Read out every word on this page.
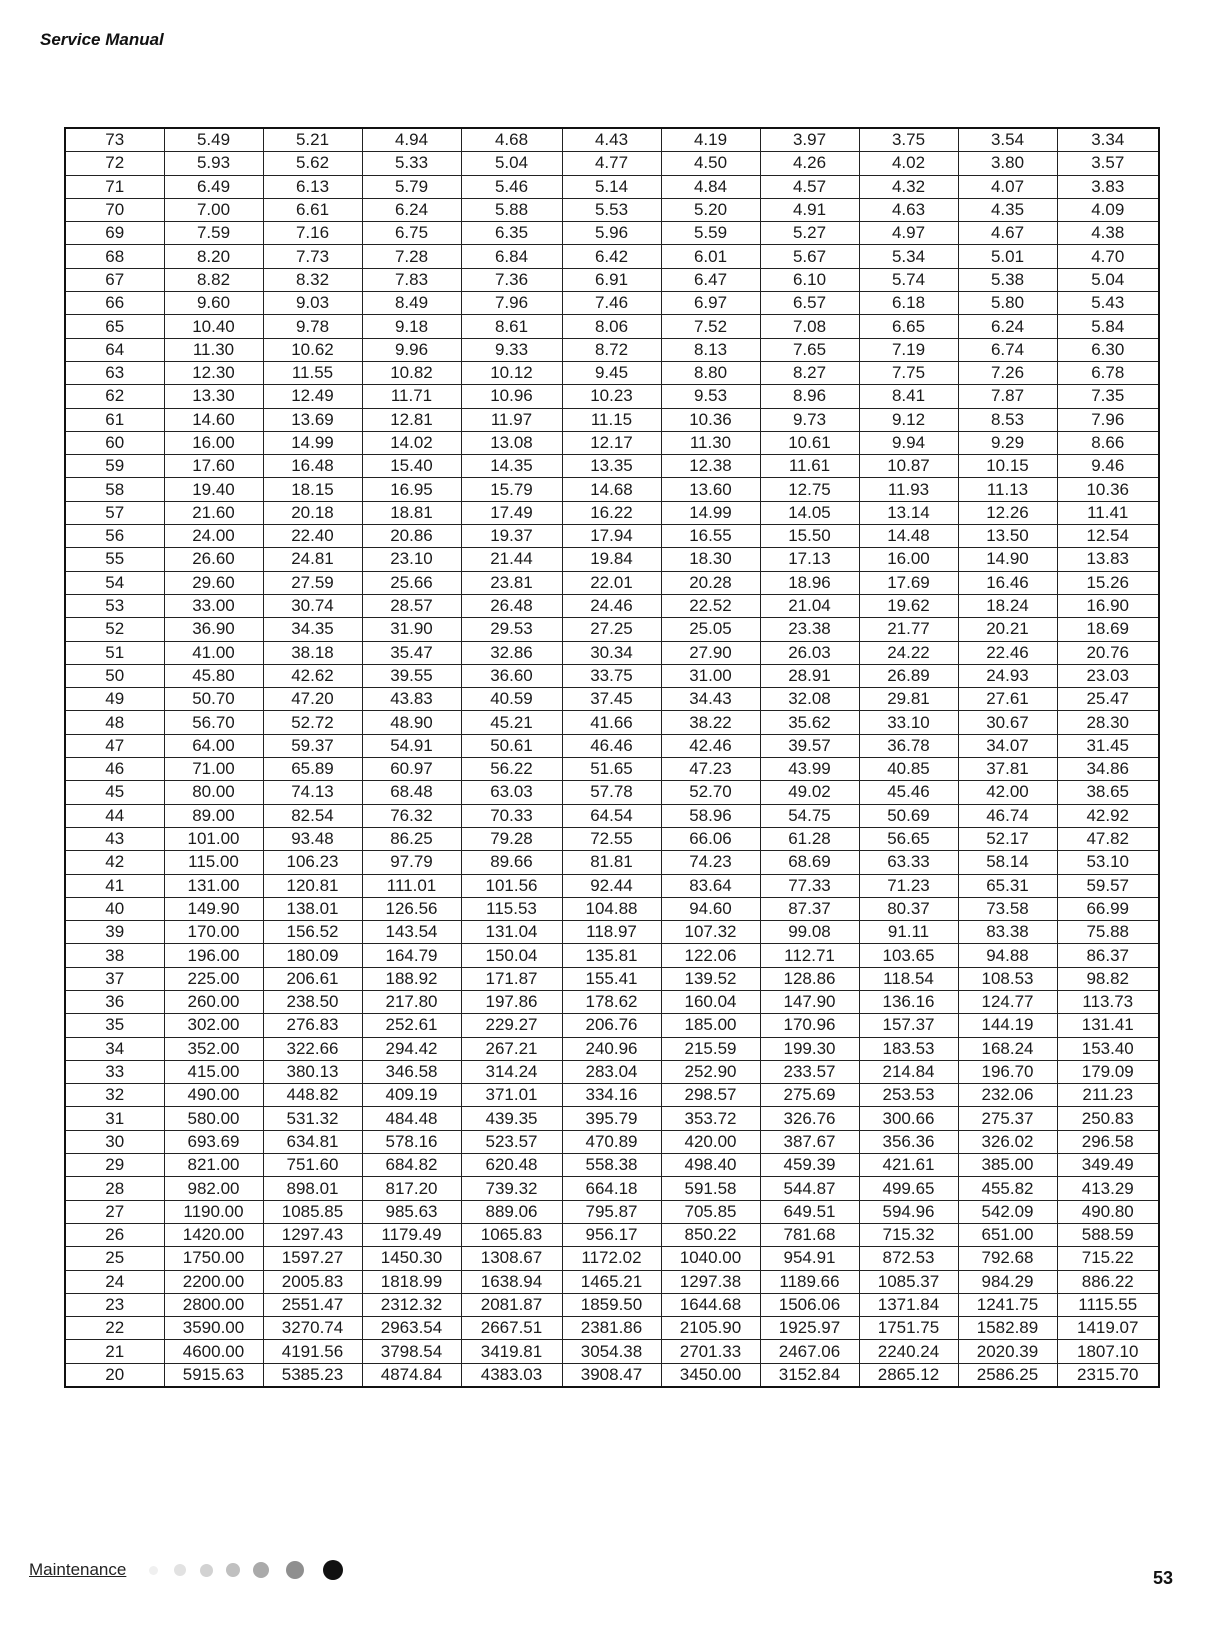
Service Manual
73	5.49	5.21	4.94	4.68	4.43	4.19	3.97	3.75	3.54	3.34
72	5.93	5.62	5.33	5.04	4.77	4.50	4.26	4.02	3.80	3.57
71	6.49	6.13	5.79	5.46	5.14	4.84	4.57	4.32	4.07	3.83
70	7.00	6.61	6.24	5.88	5.53	5.20	4.91	4.63	4.35	4.09
69	7.59	7.16	6.75	6.35	5.96	5.59	5.27	4.97	4.67	4.38
68	8.20	7.73	7.28	6.84	6.42	6.01	5.67	5.34	5.01	4.70
67	8.82	8.32	7.83	7.36	6.91	6.47	6.10	5.74	5.38	5.04
66	9.60	9.03	8.49	7.96	7.46	6.97	6.57	6.18	5.80	5.43
65	10.40	9.78	9.18	8.61	8.06	7.52	7.08	6.65	6.24	5.84
64	11.30	10.62	9.96	9.33	8.72	8.13	7.65	7.19	6.74	6.30
63	12.30	11.55	10.82	10.12	9.45	8.80	8.27	7.75	7.26	6.78
62	13.30	12.49	11.71	10.96	10.23	9.53	8.96	8.41	7.87	7.35
61	14.60	13.69	12.81	11.97	11.15	10.36	9.73	9.12	8.53	7.96
60	16.00	14.99	14.02	13.08	12.17	11.30	10.61	9.94	9.29	8.66
59	17.60	16.48	15.40	14.35	13.35	12.38	11.61	10.87	10.15	9.46
58	19.40	18.15	16.95	15.79	14.68	13.60	12.75	11.93	11.13	10.36
57	21.60	20.18	18.81	17.49	16.22	14.99	14.05	13.14	12.26	11.41
56	24.00	22.40	20.86	19.37	17.94	16.55	15.50	14.48	13.50	12.54
55	26.60	24.81	23.10	21.44	19.84	18.30	17.13	16.00	14.90	13.83
54	29.60	27.59	25.66	23.81	22.01	20.28	18.96	17.69	16.46	15.26
53	33.00	30.74	28.57	26.48	24.46	22.52	21.04	19.62	18.24	16.90
52	36.90	34.35	31.90	29.53	27.25	25.05	23.38	21.77	20.21	18.69
51	41.00	38.18	35.47	32.86	30.34	27.90	26.03	24.22	22.46	20.76
50	45.80	42.62	39.55	36.60	33.75	31.00	28.91	26.89	24.93	23.03
49	50.70	47.20	43.83	40.59	37.45	34.43	32.08	29.81	27.61	25.47
48	56.70	52.72	48.90	45.21	41.66	38.22	35.62	33.10	30.67	28.30
47	64.00	59.37	54.91	50.61	46.46	42.46	39.57	36.78	34.07	31.45
46	71.00	65.89	60.97	56.22	51.65	47.23	43.99	40.85	37.81	34.86
45	80.00	74.13	68.48	63.03	57.78	52.70	49.02	45.46	42.00	38.65
44	89.00	82.54	76.32	70.33	64.54	58.96	54.75	50.69	46.74	42.92
43	101.00	93.48	86.25	79.28	72.55	66.06	61.28	56.65	52.17	47.82
42	115.00	106.23	97.79	89.66	81.81	74.23	68.69	63.33	58.14	53.10
41	131.00	120.81	111.01	101.56	92.44	83.64	77.33	71.23	65.31	59.57
40	149.90	138.01	126.56	115.53	104.88	94.60	87.37	80.37	73.58	66.99
39	170.00	156.52	143.54	131.04	118.97	107.32	99.08	91.11	83.38	75.88
38	196.00	180.09	164.79	150.04	135.81	122.06	112.71	103.65	94.88	86.37
37	225.00	206.61	188.92	171.87	155.41	139.52	128.86	118.54	108.53	98.82
36	260.00	238.50	217.80	197.86	178.62	160.04	147.90	136.16	124.77	113.73
35	302.00	276.83	252.61	229.27	206.76	185.00	170.96	157.37	144.19	131.41
34	352.00	322.66	294.42	267.21	240.96	215.59	199.30	183.53	168.24	153.40
33	415.00	380.13	346.58	314.24	283.04	252.90	233.57	214.84	196.70	179.09
32	490.00	448.82	409.19	371.01	334.16	298.57	275.69	253.53	232.06	211.23
31	580.00	531.32	484.48	439.35	395.79	353.72	326.76	300.66	275.37	250.83
30	693.69	634.81	578.16	523.57	470.89	420.00	387.67	356.36	326.02	296.58
29	821.00	751.60	684.82	620.48	558.38	498.40	459.39	421.61	385.00	349.49
28	982.00	898.01	817.20	739.32	664.18	591.58	544.87	499.65	455.82	413.29
27	1190.00	1085.85	985.63	889.06	795.87	705.85	649.51	594.96	542.09	490.80
26	1420.00	1297.43	1179.49	1065.83	956.17	850.22	781.68	715.32	651.00	588.59
25	1750.00	1597.27	1450.30	1308.67	1172.02	1040.00	954.91	872.53	792.68	715.22
24	2200.00	2005.83	1818.99	1638.94	1465.21	1297.38	1189.66	1085.37	984.29	886.22
23	2800.00	2551.47	2312.32	2081.87	1859.50	1644.68	1506.06	1371.84	1241.75	1115.55
22	3590.00	3270.74	2963.54	2667.51	2381.86	2105.90	1925.97	1751.75	1582.89	1419.07
21	4600.00	4191.56	3798.54	3419.81	3054.38	2701.33	2467.06	2240.24	2020.39	1807.10
20	5915.63	5385.23	4874.84	4383.03	3908.47	3450.00	3152.84	2865.12	2586.25	2315.70
Maintenance	53
